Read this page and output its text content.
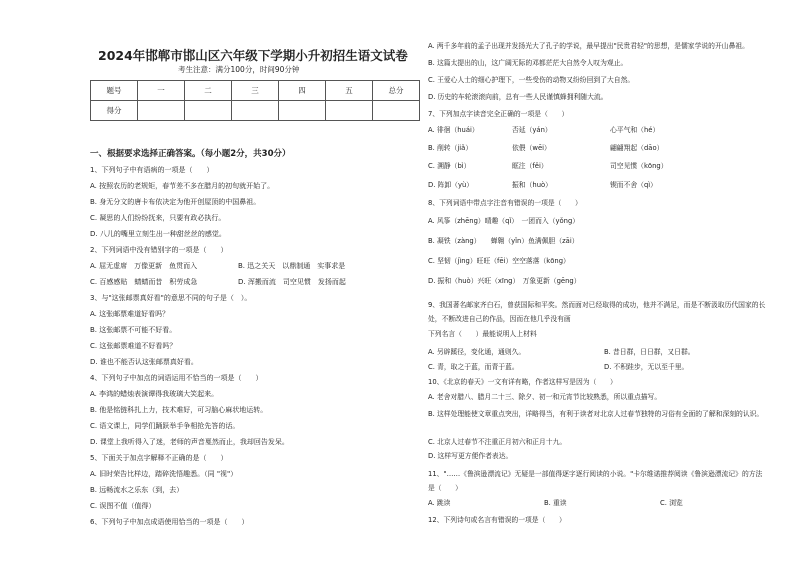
2024年邯郸市邯山区六年级下学期小升初招生语文试卷
考生注意：满分100分，时间90分钟
题号	一	二	三	四	五	总分
得分						
一、根据要求选择正确答案。（每小题2分，共30分）
1、下列句子中有语病的一项是（　　）
A. 按照农历的老规矩，春节差不多在腊月的初旬就开始了。
B. 身无分文的唐卡布依决定为他开创屋顶的中国鼻祖。
C. 凝思的人们纷纷抚来，只要有政必执行。
D. 八儿的嘴里立刻生出一种甜丝丝的感觉。
2、下列词语中没有错别字的一项是（　　）
A. 屈无虚席　万像更新　鱼贯而入	B. 迅之关天　以鼎制通　实事求是
C. 百感感贴　蜻蜻而昔　积劳成急	D. 浑搬而流　司空见惯　发扬而起
3、与"这张邮票真好看"的意思不同的句子是（　）。
A. 这张邮票难道好看吗？
B. 这张邮票不可能不好看。
C. 这张邮票难道不好看吗？
D. 谁也不能否认这张邮票真好看。
4、下列句子中加点的词语运用不恰当的一项是（　　）
A. 李鸿的蜡烛表演谭得我玻璃大笑起来。
B. 他是铭链科扎上力，技术难好，可习脑心麻状地运转。
C. 语文课上，同学们踊跃举手争相抢先答的话。
D. 课堂上我听得入了迷，老师的声音戛然而止，我却回告发呆。
5、下面关于加点字解释不正确的是（　　）
A. 旧时荣告比样边，踏碎洗悟趣悉。（同 "视"）
B. 远畅流水之乐东（到，去）
C. 误图不值（值得）
6、下列句子中加点成语使用恰当的一项是（　　）
A. 两千多年前的孟子出现并发扬光大了孔子的学说，最早提出"民贵君轻"的思想，是儒家学说的开山鼻祖。
B. 这篇太提出的山，这广阔无际的邓都茫茫大自然令人叹为观止。
C. 王爱心人士的细心护理下，一些受伤的动物又纷纷回到了大自然。
D. 历史的车轮滚滚向前，总有一些人民谨慎蜂拥利随大流。
7、下列加点字读音完全正确的一项是（　　）
A. 徘徊（huái）	否延（yán）	心平气和（hé）
B. 削转（jiǎ）	依偎（wēi）	翩翩翔起（dāo）
C. 溯静（bì）	眶注（fěi）	司空见惯（kōng）
D. 阵卸（yù）	振和（huò）	锲而不舍（qì）
8、下列词语中带点字注音有错误的一项是（　　）
A. 风筝（zhēng）晴趣（qǐ）　一团而入（yǒng）
B. 凝铁（zàng）　　蝉翱（yǐn）鱼满佩胆（zāi）
C. 坚韧（jìng）旺旺（fēi）空空落落（kōng）
D. 振和（huò）兴旺（xīng）　万象更新（gēng）
9、我国著名邮家齐白石，曾获国际和平奖。然而面对已经取得的成功，他并不满足，而是不断汲取历代国家的长处，不断改进自己的作品，因而在他几乎没有画
下列名言（　　）最能说明人上材料
A. 另辟蹊径，变化通，通则久。	B. 昔日群，日日群，又日群。
C. 青，取之于蓝，而青于蓝。	D. 不积跬步，无以至千里。
10、《北京的春天》一文有详有略，作者这样写是因为（　　）
A. 老舍对腊八、腊月二十三、除夕、初一和元宵节比较熟悉，所以重点描写。
B. 这样处理能使文章重点突出，详略得当，有利于读者对北京人过春节独特的习俗有全面的了解和深刻的认识。
C. 北京人过春节不注重正月初六和正月十九。
D. 这样写更方便作者表达。
11、"……《鲁滨逊漂流记》无疑是一部值得逐字逐行阅读的小说。"卡尔维诺推荐阅读《鲁滨逊漂流记》的方法是（　　）
A. 跳读	B. 重读	C. 浏览
12、下列诗句或名言有错误的一项是（　　）
